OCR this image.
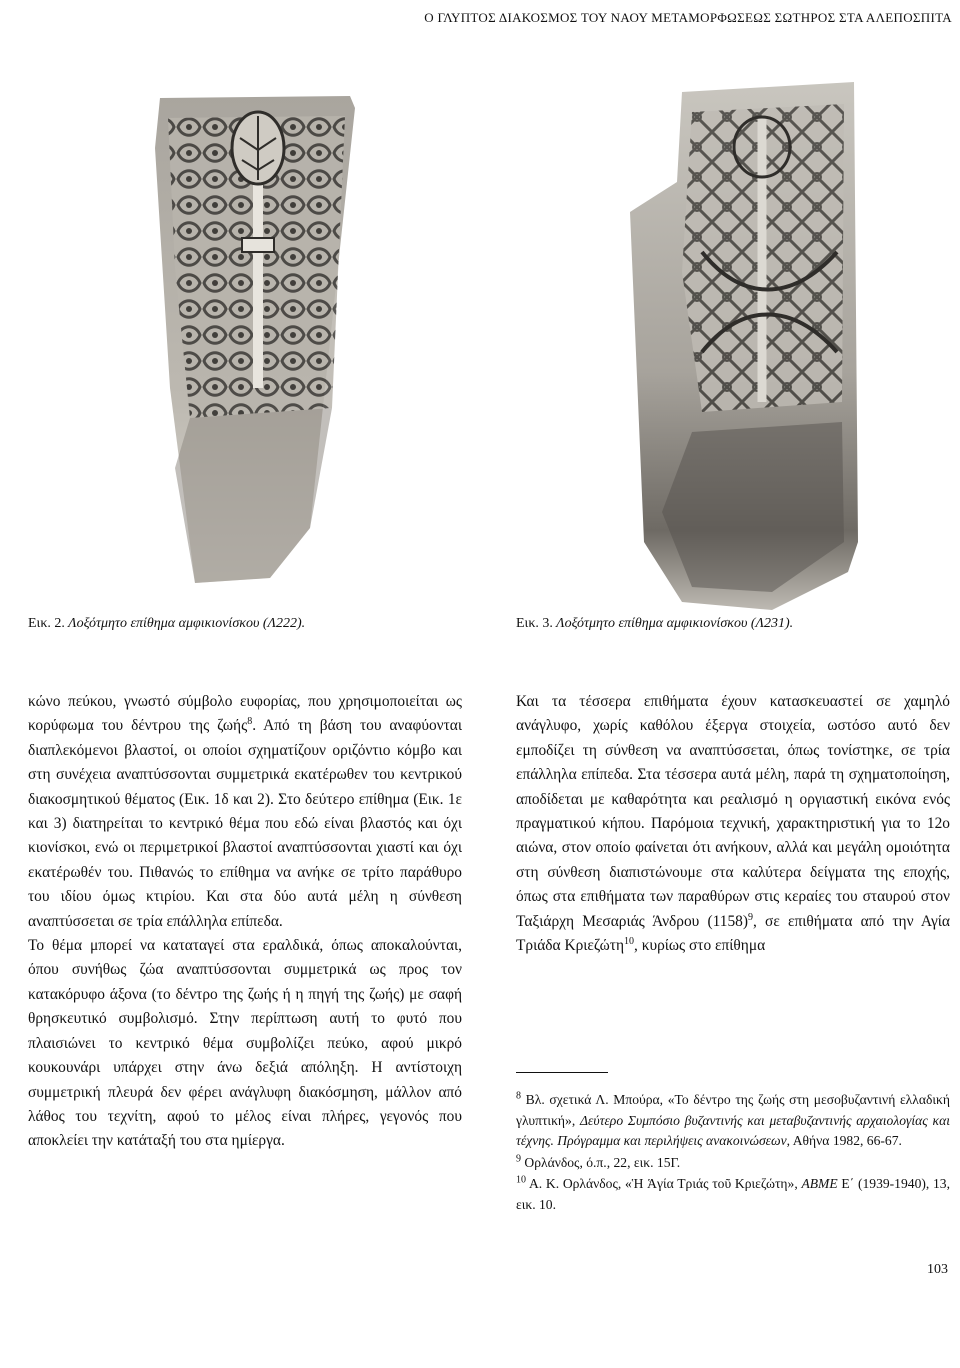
Ο ΓΛΥΠΤΟΣ ΔΙΑΚΟΣΜΟΣ ΤΟΥ ΝΑΟΥ ΜΕΤΑΜΟΡΦΩΣΕΩΣ ΣΩΤΗΡΟΣ ΣΤΑ ΑΛΕΠΟΣΠΙΤΑ
Εικ. 2. Λοξότμητο επίθημα αμφικιονίσκου (Λ222).	Εικ. 3. Λοξότμητο επίθημα αμφικιονίσκου (Λ231).

κώνο πεύκου, γνωστό σύμβολο ευφορίας, που χρησιμοποιείται ως κορύφωμα του δέντρου της ζωής$^8$. Από τη βάση του αναφύονται διαπλεκόμενοι βλαστοί, οι οποίοι σχηματίζουν οριζόντιο κόμβο και στη συνέχεια αναπτύσσονται συμμετρικά εκατέρωθεν του κεντρικού διακοσμητικού θέματος (Εικ. 1δ και 2). Στο δεύτερο επίθημα (Εικ. 1ε και 3) διατηρείται το κεντρικό θέμα που εδώ είναι βλαστός και όχι κιονίσκοι, ενώ οι περιμετρικοί βλαστοί αναπτύσσονται χιαστί και όχι εκατέρωθέν του. Πιθανώς το επίθημα να ανήκε σε τρίτο παράθυρο του ιδίου όμως κτιρίου. Και στα δύο αυτά μέλη η σύνθεση αναπτύσσεται σε τρία επάλληλα επίπεδα.

Το θέμα μπορεί να καταταγεί στα εραλδικά, όπως αποκαλούνται, όπου συνήθως ζώα αναπτύσσονται συμμετρικά ως προς τον κατακόρυφο άξονα (το δέντρο της ζωής ή η πηγή της ζωής) με σαφή θρησκευτικό συμβολισμό. Στην περίπτωση αυτή το φυτό που πλαισιώνει το κεντρικό θέμα συμβολίζει πεύκο, αφού μικρό κουκουνάρι υπάρχει στην άνω δεξιά απόληξη. Η αντίστοιχη συμμετρική πλευρά δεν φέρει ανάγλυφη διακόσμηση, μάλλον από λάθος του τεχνίτη, αφού το μέλος είναι πλήρες, γεγονός που αποκλείει την κατάταξή του στα ημίεργα.

Και τα τέσσερα επιθήματα έχουν κατασκευαστεί σε χαμηλό ανάγλυφο, χωρίς καθόλου έξεργα στοιχεία, ωστόσο αυτό δεν εμποδίζει τη σύνθεση να αναπτύσσεται, όπως τονίστηκε, σε τρία επάλληλα επίπεδα. Στα τέσσερα αυτά μέλη, παρά τη σχηματοποίηση, αποδίδεται με καθαρότητα και ρεαλισμό η οργιαστική εικόνα ενός πραγματικού κήπου. Παρόμοια τεχνική, χαρακτηριστική για το 12ο αιώνα, στον οποίο φαίνεται ότι ανήκουν, αλλά και μεγάλη ομοιότητα στη σύνθεση διαπιστώνουμε στα καλύτερα δείγματα της εποχής, όπως στα επιθήματα των παραθύρων στις κεραίες του σταυρού στον Ταξιάρχη Μεσαριάς Άνδρου $(1158)^9$, σε επιθήματα από την Αγία Τριάδα Κριεζώτη$^{10}$, κυρίως στο επίθημα

$^8$ Βλ. σχετικά Λ. Μπούρα, «Το δέντρο της ζωής στη μεσοβυζαντινή ελλαδική γλυπτική», Δεύτερο Συμπόσιο βυζαντινής και μεταβυζαντινής αρχαιολογίας και τέχνης. Πρόγραμμα και περιλήψεις ανακοινώσεων, Αθήνα 1982, 66-67.

$^9$ Ορλάνδος, ό.π., 22, εικ. 15Γ.

$^{10}$ Α. Κ. Ορλάνδος, «Ἡ Ἁγία Τριάς τοῦ Κριεζώτη», ΑΒΜΕ Ε΄ (1939-1940), 13, εικ. 10.

103
